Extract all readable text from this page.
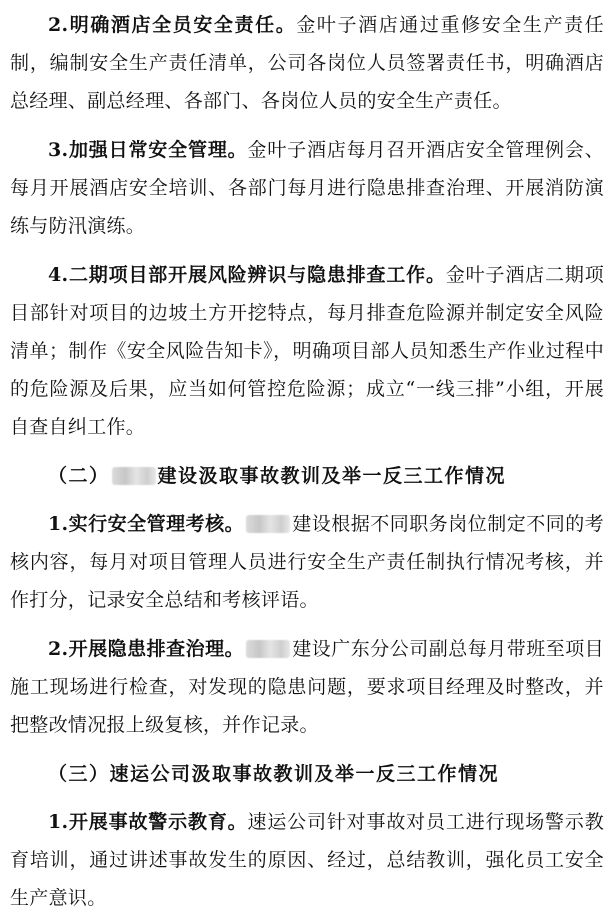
2.明确酒店全员安全责任。金叶子酒店通过重修安全生产责任制，编制安全生产责任清单，公司各岗位人员签署责任书，明确酒店总经理、副总经理、各部门、各岗位人员的安全生产责任。

3.加强日常安全管理。金叶子酒店每月召开酒店安全管理例会、每月开展酒店安全培训、各部门每月进行隐患排查治理、开展消防演练与防汛演练。

4.二期项目部开展风险辨识与隐患排查工作。金叶子酒店二期项目部针对项目的边坡土方开挖特点，每月排查危险源并制定安全风险清单；制作《安全风险告知卡》，明确项目部人员知悉生产作业过程中的危险源及后果，应当如何管控危险源；成立“一线三排”小组，开展自查自纠工作。

（二）	建设汲取事故教训及举一反三工作情况

1.实行安全管理考核。	建设根据不同职务岗位制定不同的考核内容，每月对项目管理人员进行安全生产责任制执行情况考核，并作打分，记录安全总结和考核评语。

2.开展隐患排查治理。	建设广东分公司副总每月带班至项目施工现场进行检查，对发现的隐患问题，要求项目经理及时整改，并把整改情况报上级复核，并作记录。

（三）速运公司汲取事故教训及举一反三工作情况

1.开展事故警示教育。速运公司针对事故对员工进行现场警示教育培训，通过讲述事故发生的原因、经过，总结教训，强化员工安全生产意识。
